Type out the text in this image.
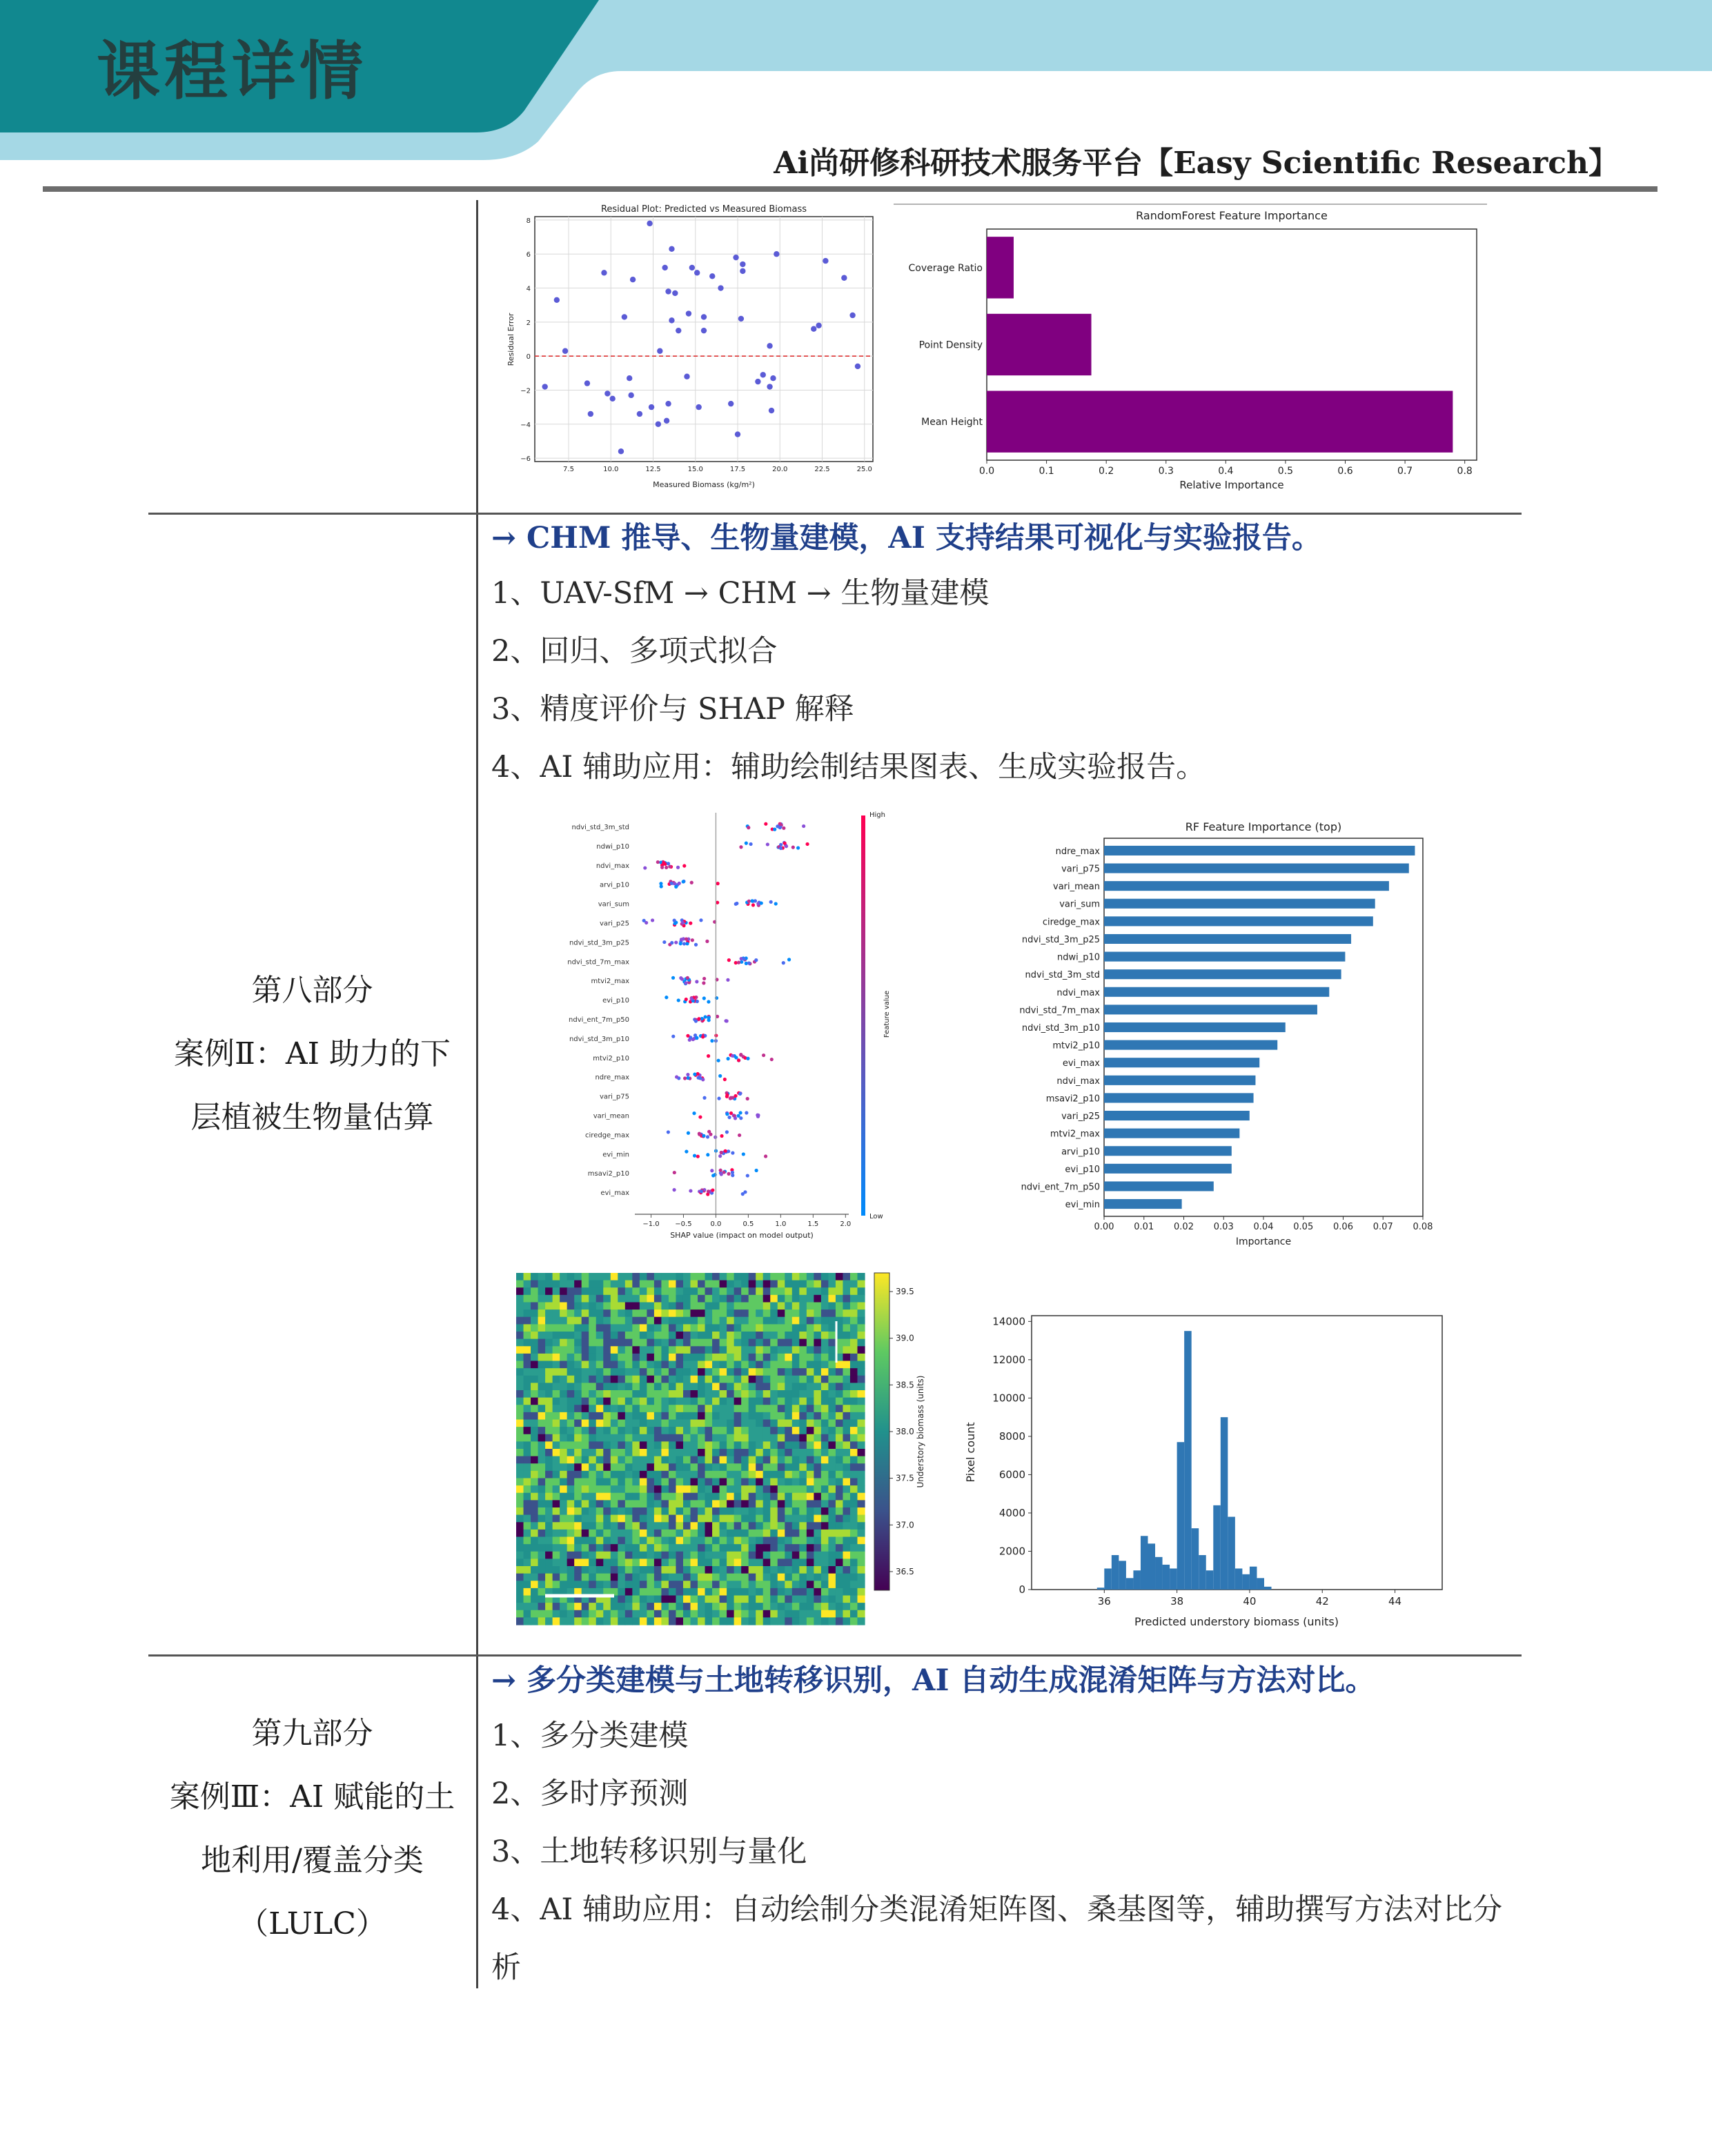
课程详情
Ai尚研修科研技术服务平台【Easy Scientific Research】
Residual Plot: Predicted vs Measured Biomass
Measured Biomass (kg/m²)
Residual Error
7.5	10.0	12.5	15.0	17.5	20.0	22.5	25.0
8
6
4
2
0
−2
−4
−6
RandomForest Feature Importance
Relative Importance
Coverage Ratio
Point Density
Mean Height
0.0	0.1	0.2	0.3	0.4	0.5	0.6	0.7	0.8
第八部分
案例Ⅱ：AI 助力的下
层植被生物量估算
→ CHM 推导、生物量建模，AI 支持结果可视化与实验报告。
1、UAV-SfM → CHM → 生物量建模
2、回归、多项式拟合
3、精度评价与 SHAP 解释
4、AI 辅助应用：辅助绘制结果图表、生成实验报告。
ndvi_std_3m_std
ndwi_p10
ndvi_max
arvi_p10
vari_sum
vari_p25
ndvi_std_3m_p25
ndvi_std_7m_max
mtvi2_max
evi_p10
ndvi_ent_7m_p50
ndvi_std_3m_p10
mtvi2_p10
ndre_max
vari_p75
vari_mean
ciredge_max
evi_min
msavi2_p10
evi_max
−1.0 −0.5	0.0	0.5	1.0	1.5	2.0
SHAP value (impact on model output)
High
Low
Feature value
RF Feature Importance (top)
Importance
ndre_max
vari_p75
vari_mean
vari_sum
ciredge_max
ndvi_std_3m_p25
ndwi_p10
ndvi_std_3m_std
ndvi_max
ndvi_std_7m_max
ndvi_std_3m_p10
mtvi2_p10
evi_max
ndvi_max
msavi2_p10
vari_p25
mtvi2_max
arvi_p10
evi_p10
ndvi_ent_7m_p50
evi_min
0.00 0.01 0.02 0.03 0.04 0.05 0.06 0.07 0.08
39.5
39.0
38.5
38.0
37.5
37.0
36.5
Understory biomass (units)
36	38	40	42	44
14000
12000
10000
8000
6000
4000
2000
0
Predicted understory biomass (units)
Pixel count
第九部分
案例Ⅲ：AI 赋能的土
地利用/覆盖分类
（LULC）
→ 多分类建模与土地转移识别，AI 自动生成混淆矩阵与方法对比。
1、多分类建模
2、多时序预测
3、土地转移识别与量化
4、AI 辅助应用：自动绘制分类混淆矩阵图、桑基图等，辅助撰写方法对比分析
